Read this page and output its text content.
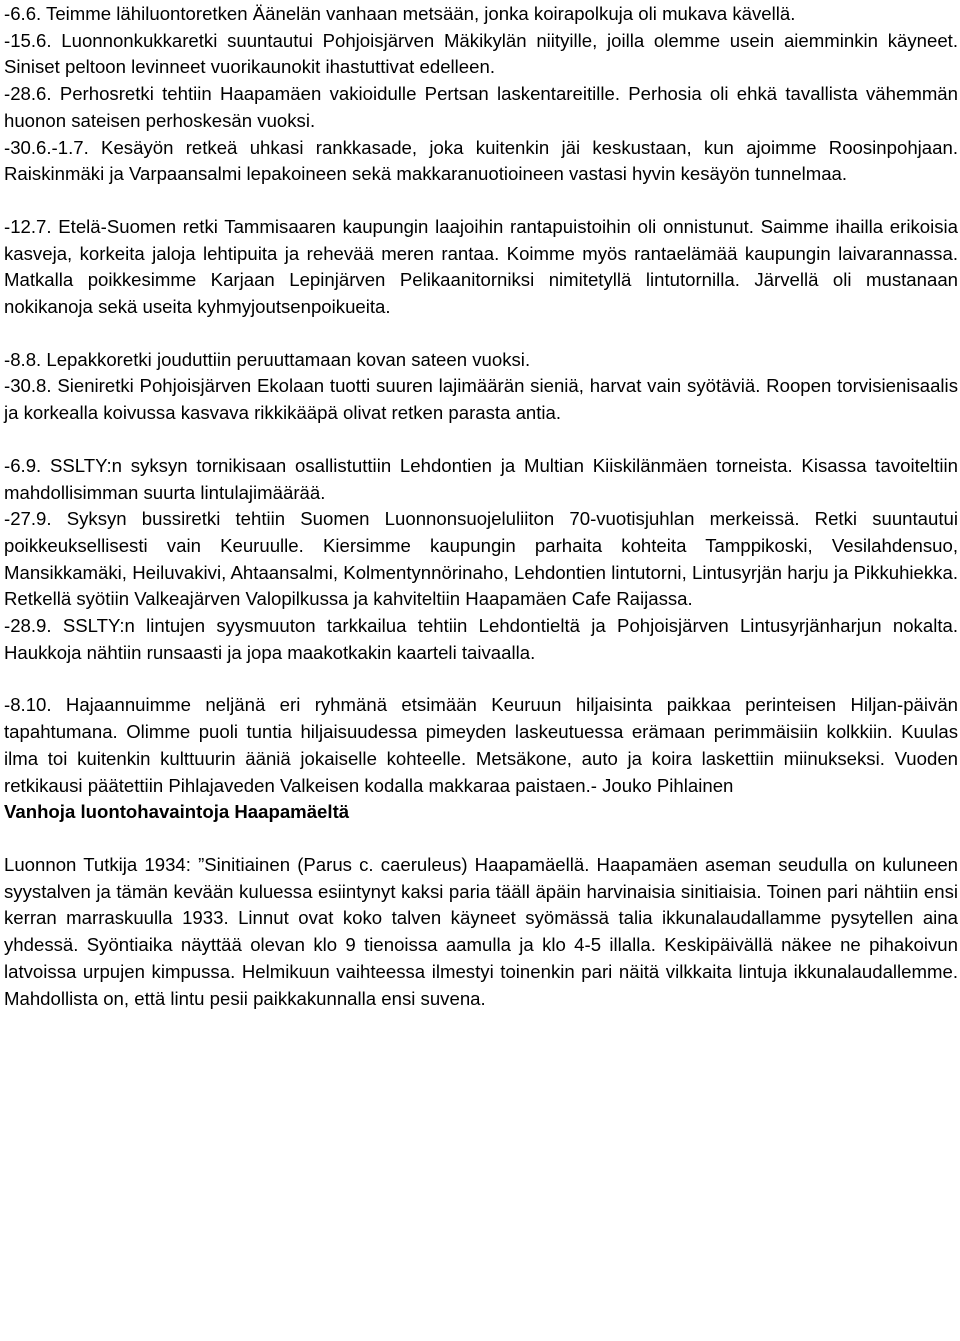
-6.6. Teimme lähiluontoretken Äänelän vanhaan metsään, jonka koirapolkuja oli mukava kävellä.

-15.6. Luonnonkukkaretki suuntautui Pohjoisjärven Mäkikylän niityille, joilla olemme usein aiemminkin käyneet. Siniset peltoon levinneet vuorikaunokit ihastuttivat edelleen.

-28.6. Perhosretki tehtiin Haapamäen vakioidulle Pertsan laskentareitille. Perhosia oli ehkä tavallista vähemmän huonon sateisen perhoskesän vuoksi.

-30.6.-1.7. Kesäyön retkeä uhkasi rankkasade, joka kuitenkin jäi keskustaan, kun ajoimme Roosinpohjaan. Raiskinmäki ja Varpaansalmi lepakoineen sekä makkaranuotioineen vastasi hyvin kesäyön tunnelmaa.

-12.7. Etelä-Suomen retki Tammisaaren kaupungin laajoihin rantapuistoihin oli onnistunut. Saimme ihailla erikoisia kasveja, korkeita jaloja lehtipuita ja rehevää meren rantaa. Koimme myös rantaelämää kaupungin laivarannassa. Matkalla poikkesimme Karjaan Lepinjärven Pelikaanitorniksi nimitetyllä lintutornilla. Järvellä oli mustanaan nokikanoja sekä useita kyhmyjoutsenpoikueita.

-8.8. Lepakkoretki jouduttiin peruuttamaan kovan sateen vuoksi.

-30.8. Sieniretki Pohjoisjärven Ekolaan tuotti suuren lajimäärän sieniä, harvat vain syötäviä. Roopen torvisienisaalis ja korkealla koivussa kasvava rikkikääpä olivat retken parasta antia.

-6.9. SSLTY:n syksyn tornikisaan osallistuttiin Lehdontien ja Multian Kiiskilänmäen torneista. Kisassa tavoiteltiin mahdollisimman suurta lintulajimäärää.

-27.9. Syksyn bussiretki tehtiin Suomen Luonnonsuojeluliiton 70-vuotisjuhlan merkeissä. Retki suuntautui poikkeuksellisesti vain Keuruulle. Kiersimme kaupungin parhaita kohteita Tamppikoski, Vesilahdensuo, Mansikkamäki, Heiluvakivi, Ahtaansalmi, Kolmentynnörinaho, Lehdontien lintutorni, Lintusyrjän harju ja Pikkuhiekka. Retkellä syötiin Valkeajärven Valopilkussa ja kahviteltiin Haapamäen Cafe Raijassa.

-28.9. SSLTY:n lintujen syysmuuton tarkkailua tehtiin Lehdontieltä ja Pohjoisjärven Lintusyrjänharjun nokalta. Haukkoja nähtiin runsaasti ja jopa maakotkakin kaarteli taivaalla.

-8.10. Hajaannuimme neljänä eri ryhmänä etsimään Keuruun hiljaisinta paikkaa perinteisen Hiljan-päivän tapahtumana. Olimme puoli tuntia hiljaisuudessa pimeyden laskeutuessa erämaan perimmäisiin kolkkiin. Kuulas ilma toi kuitenkin kulttuurin ääniä jokaiselle kohteelle. Metsäkone, auto ja koira laskettiin miinukseksi. Vuoden retkikausi päätettiin Pihlajaveden Valkeisen kodalla makkaraa paistaen.- Jouko Pihlainen

Vanhoja luontohavaintoja Haapamäeltä

Luonnon Tutkija 1934: ”Sinitiainen (Parus c. caeruleus) Haapamäellä. Haapamäen aseman seudulla on kuluneen syystalven ja tämän kevään kuluessa esiintynyt kaksi paria tääll äpäin harvinaisia sinitiaisia. Toinen pari nähtiin ensi kerran marraskuulla 1933. Linnut ovat koko talven käyneet syömässä talia ikkunalaudallamme pysytellen aina yhdessä. Syöntiaika näyttää olevan klo 9 tienoissa aamulla ja klo 4-5 illalla. Keskipäivällä näkee ne pihakoivun latvoissa urpujen kimpussa. Helmikuun vaihteessa ilmestyi toinenkin pari näitä vilkkaita lintuja ikkunalaudallemme. Mahdollista on, että lintu pesii paikkakunnalla ensi suvena.
